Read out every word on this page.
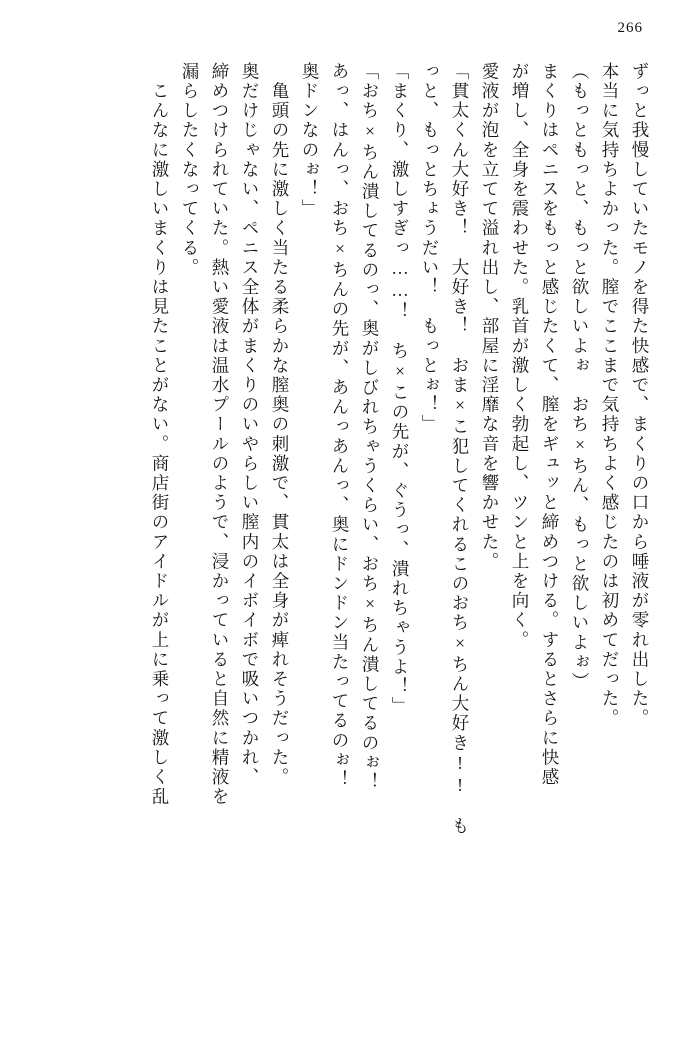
266
ずっと我慢していたモノを得た快感で、まくりの口から唾液が零れ出した。
本当に気持ちよかった。膣でここまで気持ちよく感じたのは初めてだった。
（もっともっと、もっと欲しいよぉ　おち×ちん、もっと欲しいよぉ）
まくりはペニスをもっと感じたくて、膣をギュッと締めつける。するとさらに快感
が増し、全身を震わせた。乳首が激しく勃起し、ツンと上を向く。
愛液が泡を立てて溢れ出し、部屋に淫靡な音を響かせた。
「貫太くん大好き！　大好き！　おま×こ犯してくれるこのおち×ちん大好き!!　も
っと、もっとちょうだい！　もっとぉ！」
「まくり、激しすぎっ……！　ち×この先が、ぐうっ、潰れちゃうよ！」
「おち×ちん潰してるのっ、奥がしびれちゃうくらい、おち×ちん潰してるのぉ！
あっ、はんっ、おち×ちんの先が、あんっあんっ、奥にドンドン当たってるのぉ！
奥ドンなのぉ！」
　亀頭の先に激しく当たる柔らかな膣奥の刺激で、貫太は全身が痺れそうだった。
奥だけじゃない、ペニス全体がまくりのいやらしい膣内のイボイボで吸いつかれ、
締めつけられていた。熱い愛液は温水プールのようで、浸かっていると自然に精液を
漏らしたくなってくる。
　こんなに激しいまくりは見たことがない。商店街のアイドルが上に乗って激しく乱
